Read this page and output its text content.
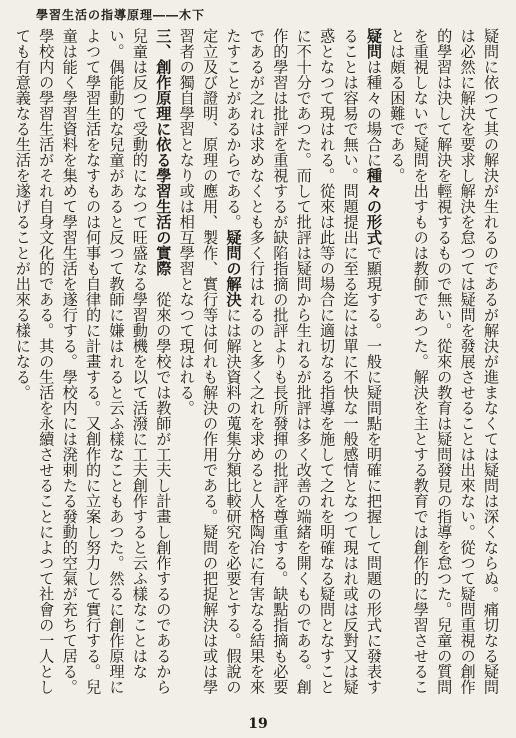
學習生活の指導原理――木下

疑問に依つて其の解決が生れるのであるが解決が進まなくては疑問は深くならぬ。痛切なる疑問は必然に解決を要求し解決を怠つては疑問を發展させることは出來ない。從つて疑問重視の創作的學習は決して解決を輕視するもので無い。從來の教育は疑問發見の指導を怠つた。兒童の質問を重視しないで疑問を出すものは教師であつた。解決を主とする教育では創作的に學習させることは頗る困難である。

疑問は種々の場合に種々の形式で顯現する。一般に疑問點を明確に把握して問題の形式に發表することは容易で無い。問題提出に至る迄には單に不快な一般感情となつて現はれ或は反對又は疑惑となつて現はれる。從來は此等の場合に適切なる指導を施して之れを明確なる疑問となすことに不十分であつた。而して批評は疑問から生れるが批評は多く改善の端緒を開くものである。創作的學習は批評を重視するが缺陷指摘の批評よりも長所發揮の批評を尊重する。缺點指摘も必要であるが之れは求めなくとも多く行はれるのと多く之れを求めると人格陶冶に有害なる結果を來たすことがあるからである。疑問の解決には解決資料の蒐集分類比較研究を必要とする。假說の定立及び證明、原理の應用、製作、實行等は何れも解決の作用である。疑問の把捉解決は或は學習者の獨自學習となり或は相互學習となつて現はれる。

三、創作原理に依る學習生活の實際　從來の學校では教師が工夫し計畫し創作するのであるから兒童は反つて受動的になつて旺盛なる學習動機を以て活潑に工夫創作すると云ふ樣なことはない。偶能動的な兒童があると反つて教師に嫌はれると云ふ樣なこともあつた。然るに創作原理によつて學習生活をなすものは何事も自律的に計畫する。又創作的に立案し努力して實行する。兒童は能く學習資料を集めて學習生活を遂行する。學校内には溌剌たる發動的空氣が充ちて居る。學校内の學習生活がそれ自身文化的である。其の生活を永續させることによつて社會の一人としても有意義なる生活を遂げることが出來る樣になる。

19
